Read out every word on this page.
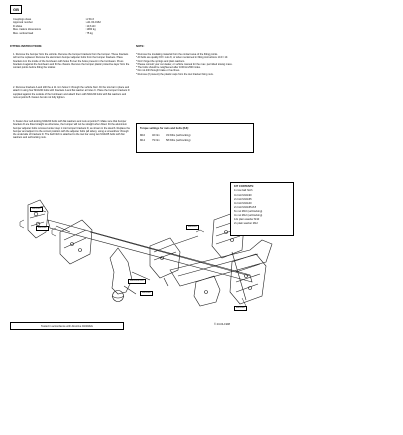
GB
Couplings class	: A 50-X
Approval number	: e11 00-0162
D-Value	: 10,6 kN
Max. trailers dimensions	: 1960 kg
Max. vertical load	: 75 kg
FITTING INSTRUCTIONS:
1. Remove the bumper from the vehicle. Remove the bumper brackets from the bumper. These brackets will not be replaced. Remove the aluminium bumper adjuster bolts from the bumper brackets. Place brackets A in the inside of the bumbeam with holes B over the holes present in the bumbeam. Press brackets A against the bumbeam and fit the chassis. Remove the bumper plastic protective layer from the contact points before fitting the towbar.
2. Remove brackets A and drill the ø 11 mm holes C through the vehicle floor. Fit the tow bar in place and attach it using four M10x90 bolts with brackets A and flat washer at holes C. Place the bumper brackets D supplied against the outside of the bumbeam and attach them with M10x90 bolts with flat washers and nuts at points B. Fasten but do not fully tighten.
3. Fasten four self-locking M10x90 bolts with flat washers and nuts at points H. Make sure that bumper brackets D are fitted straight as otherwise, the bumper will not be straight when fitted. Fit the aluminium bumper adjuster bolts removed under step 1 into bumper brackets D, as shown in the sketch. Replace the bumper and adjust it to the correct position with the adjuster bolts (all sides), using a screwdriver through the underside of brackets D. The ball hitch is attached to the tow bar using two M10x65 bolts with flat washers and self-locking nuts.
NOTE:
* Remove the insulating material from the contact area of the fitting points.
* All bolts are quality 8.8 / nuts 8, or when mentioned in fitting instructions 10.9 / 10.
* Don't forget the springs and plain washers.
* Please consult your car dealer, or vehicle manual for the max. permitted towing mass.
* The bolts should be retightened after 1000 km/600 miles.
* Do not drill through brake or fuel lines.
* Remove (if present) the plastic caps from the tow bracket fixing nuts.
Torque settings for nuts and bolts (8.8):
M10	46 Nm	33 ft/lbs (self-locking)
M12	79 Nm	58 ft/lbs (self-locking)
M10X40
M10X90	M10X65
M10X65/31.2
M10X90
M10X90
KIT CONTENTS:
1x tow ball hitch
4x bolt M10x90
2x bolt M10x65
4x bolt M10x40
2x bolt M10x65-8.8
6x nut M10 (self-locking)
4x nut M12 (self-locking)
12x plain washer M10
2x plain washer M12
Tested in accordance with directive 94/20/EG	© 23-04-1998
